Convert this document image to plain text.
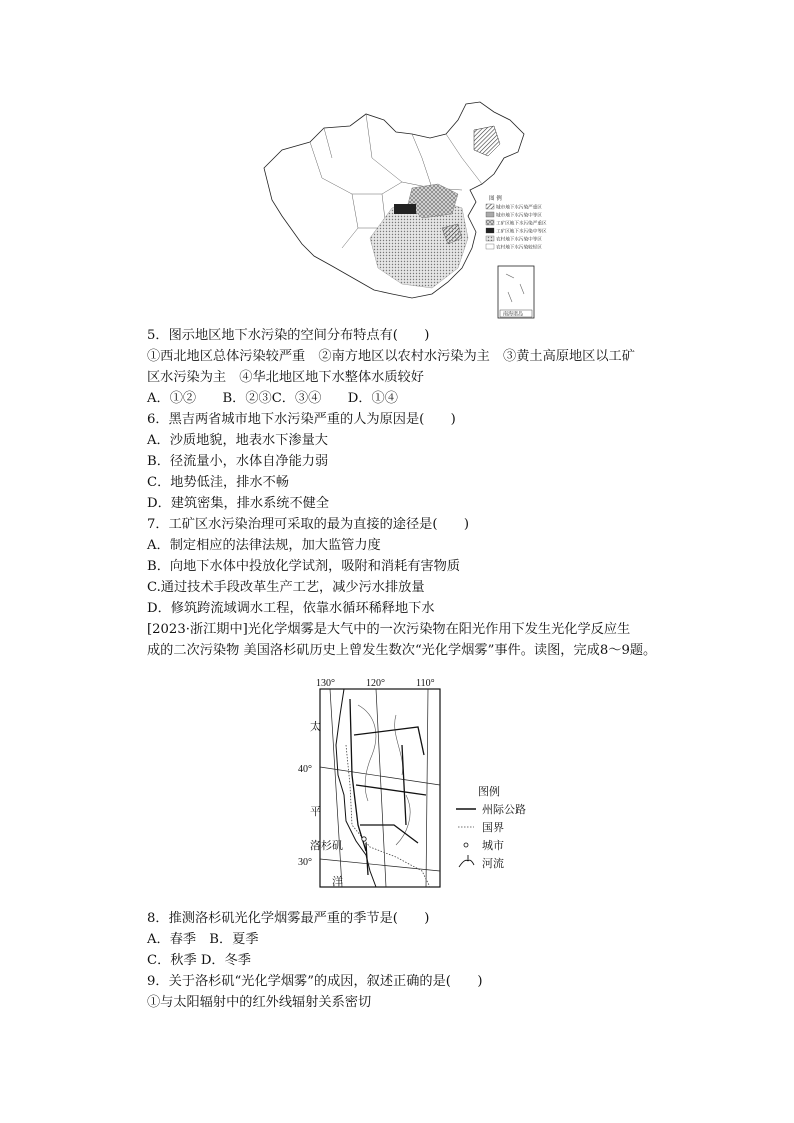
图 例
城市地下水污染严重区
城市地下水污染中等区
工矿区地下水污染严重区
工矿区地下水污染中等区
农村地下水污染中等区
农村地下水污染较轻区
南海诸岛
5．图示地区地下水污染的空间分布特点有(　　)
①西北地区总体污染较严重　②南方地区以农村水污染为主　③黄土高原地区以工矿
区水污染为主　④华北地区地下水整体水质较好
A．①②　　B．②③C．③④　　D．①④
6．黑吉两省城市地下水污染严重的人为原因是(　　)
A．沙质地貌，地表水下渗量大
B．径流量小，水体自净能力弱
C．地势低洼，排水不畅
D．建筑密集，排水系统不健全
7．工矿区水污染治理可采取的最为直接的途径是(　　)
A．制定相应的法律法规，加大监管力度
B．向地下水体中投放化学试剂，吸附和消耗有害物质
C.通过技术手段改革生产工艺，减少污水排放量
D．修筑跨流域调水工程，依靠水循环稀释地下水
[2023·浙江期中]光化学烟雾是大气中的一次污染物在阳光作用下发生光化学反应生
成的二次污染物 美国洛杉矶历史上曾发生数次“光化学烟雾”事件。读图，完成8～9题。
130°	120°	110°
太
40°
平
洛杉矶
30°
洋
图例
州际公路
国界
城市
河流
8．推测洛杉矶光化学烟雾最严重的季节是(　　)
A．春季　B．夏季
C．秋季 D．冬季
9．关于洛杉矶“光化学烟雾”的成因，叙述正确的是(　　)
①与太阳辐射中的红外线辐射关系密切
